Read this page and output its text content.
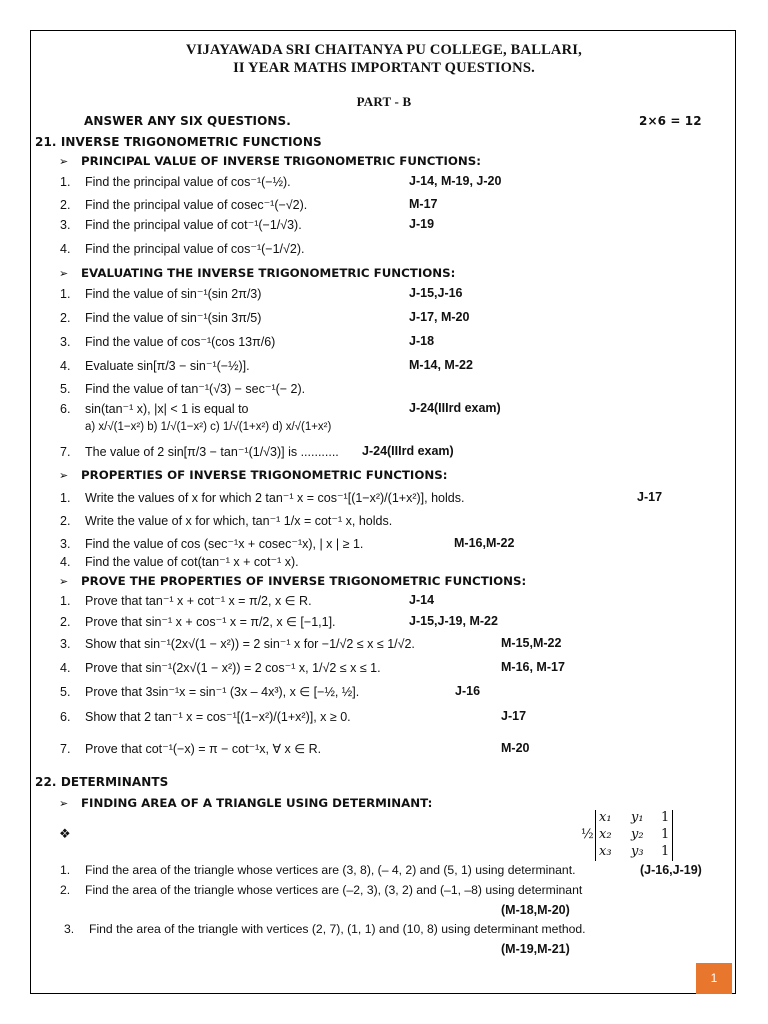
VIJAYAWADA SRI CHAITANYA PU COLLEGE, BALLARI,
II YEAR MATHS IMPORTANT QUESTIONS.
PART - B
ANSWER ANY SIX QUESTIONS.	2×6 = 12
21. INVERSE TRIGONOMETRIC FUNCTIONS
➢ PRINCIPAL VALUE OF INVERSE TRIGONOMETRIC FUNCTIONS:
1. Find the principal value of cos⁻¹(−½).	J-14, M-19, J-20
2. Find the principal value of cosec⁻¹(−√2).	M-17
3. Find the principal value of cot⁻¹(−1/√3).	J-19
4. Find the principal value of cos⁻¹(−1/√2).
➢ EVALUATING THE INVERSE TRIGONOMETRIC FUNCTIONS:
1. Find the value of sin⁻¹(sin 2π/3)	J-15,J-16
2. Find the value of sin⁻¹(sin 3π/5)	J-17, M-20
3. Find the value of cos⁻¹(cos 13π/6)	J-18
4. Evaluate sin[π/3 − sin⁻¹(−½)].	M-14, M-22
5. Find the value of tan⁻¹(√3) − sec⁻¹(− 2).
6. sin(tan⁻¹ x), |x| < 1 is equal to	J-24(IIIrd exam)
a) x/√(1−x²) b) 1/√(1−x²) c) 1/√(1+x²) d) x/√(1+x²)
7. The value of 2 sin[π/3 − tan⁻¹(1/√3)] is ........... J-24(IIIrd exam)
➢ PROPERTIES OF INVERSE TRIGONOMETRIC FUNCTIONS:
1. Write the values of x for which 2 tan⁻¹ x = cos⁻¹[(1−x²)/(1+x²)], holds.	J-17
2. Write the value of x for which, tan⁻¹ 1/x = cot⁻¹ x, holds.
3. Find the value of cos (sec⁻¹x + cosec⁻¹x), | x | ≥ 1.	M-16,M-22
4. Find the value of cot(tan⁻¹ x + cot⁻¹ x).
➢ PROVE THE PROPERTIES OF INVERSE TRIGONOMETRIC FUNCTIONS:
1. Prove that tan⁻¹ x + cot⁻¹ x = π/2, x ∈ R.	J-14
2. Prove that sin⁻¹ x + cos⁻¹ x = π/2, x ∈ [−1,1].	J-15,J-19, M-22
3. Show that sin⁻¹(2x√(1 − x²)) = 2 sin⁻¹ x for −1/√2 ≤ x ≤ 1/√2.	M-15,M-22
4. Prove that sin⁻¹(2x√(1 − x²)) = 2 cos⁻¹ x, 1/√2 ≤ x ≤ 1.	M-16, M-17
5. Prove that 3sin⁻¹x = sin⁻¹ (3x – 4x³), x ∈ [−½, ½].	J-16
6. Show that 2 tan⁻¹ x = cos⁻¹[(1−x²)/(1+x²)], x ≥ 0.	J-17
7. Prove that cot⁻¹(−x) = π − cot⁻¹x, ∀ x ∈ R.	M-20
22. DETERMINANTS
➢ FINDING AREA OF A TRIANGLE USING DETERMINANT:
❖	½
x₁ y₁ 1
x₂ y₂ 1
x₃ y₃ 1
1. Find the area of the triangle whose vertices are (3, 8), (– 4, 2) and (5, 1) using determinant.	(J-16,J-19)
2. Find the area of the triangle whose vertices are (–2, 3), (3, 2) and (–1, –8) using determinant
(M-18,M-20)
3. Find the area of the triangle with vertices (2, 7), (1, 1) and (10, 8) using determinant method.
(M-19,M-21)
1
